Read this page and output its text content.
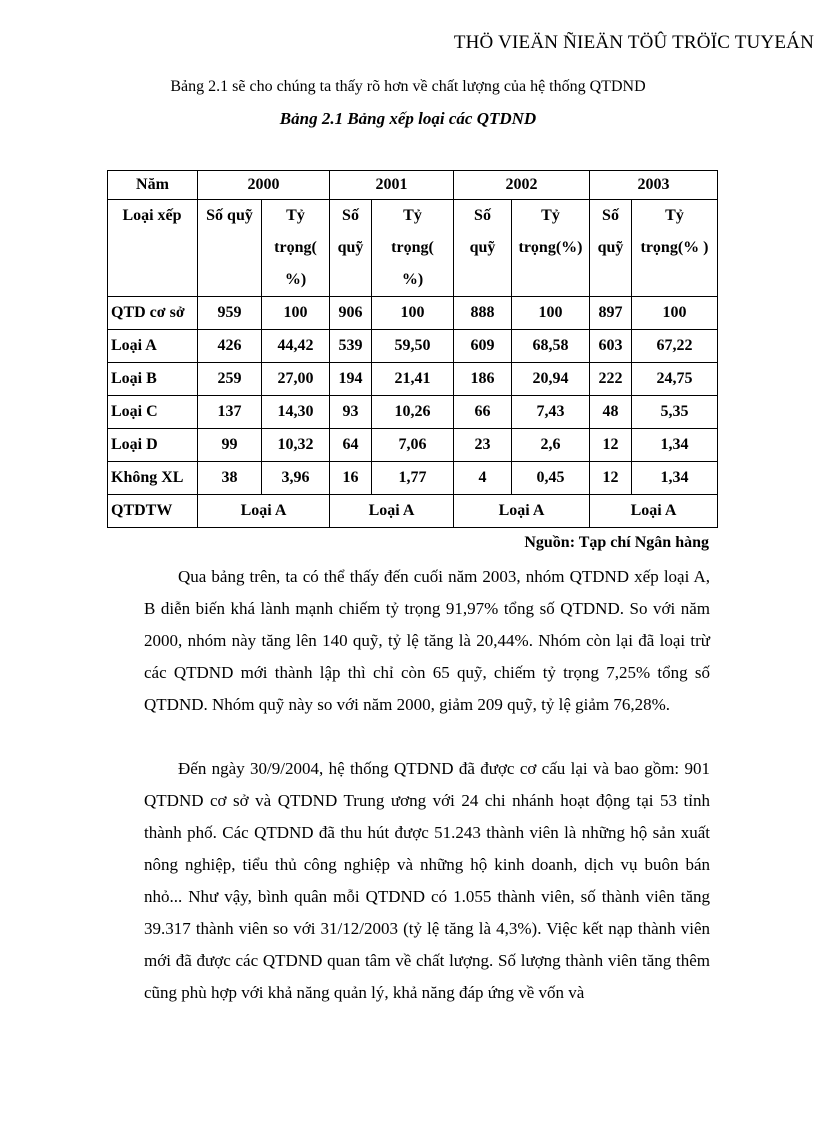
THÖ VIEÄN ÑIEÄN TÖÛ TRÖÏC TUYEÁN
Bảng 2.1 sẽ cho chúng ta thấy rõ hơn về chất lượng của hệ thống QTDND
Bảng 2.1 Bảng xếp loại các QTDND
Năm	2000		2001		2002		2003	
Loại xếp	Số quỹ	Tỷ trọng( %)	Số quỹ	Tỷ trọng( %)	Số quỹ	Tỷ trọng(%)	Số quỹ	Tỷ trọng(% )
QTD cơ sở	959	100	906	100	888	100	897	100
Loại A	426	44,42	539	59,50	609	68,58	603	67,22
Loại B	259	27,00	194	21,41	186	20,94	222	24,75
Loại C	137	14,30	93	10,26	66	7,43	48	5,35
Loại D	99	10,32	64	7,06	23	2,6	12	1,34
Không XL	38	3,96	16	1,77	4	0,45	12	1,34
QTDTW	Loại A		Loại A		Loại A		Loại A	
Nguồn: Tạp chí Ngân hàng
Qua bảng trên, ta có thể thấy đến cuối năm 2003, nhóm QTDND xếp loại A, B diễn biến khá lành mạnh chiếm tỷ trọng 91,97% tổng số QTDND. So với năm 2000, nhóm này tăng lên 140 quỹ, tỷ lệ tăng là 20,44%. Nhóm còn lại đã loại trừ các QTDND mới thành lập thì chỉ còn 65 quỹ, chiếm tỷ trọng 7,25% tổng số QTDND. Nhóm quỹ này so với năm 2000, giảm 209 quỹ, tỷ lệ giảm 76,28%.
Đến ngày 30/9/2004, hệ thống QTDND đã được cơ cấu lại và bao gồm: 901 QTDND cơ sở và QTDND Trung ương với 24 chi nhánh hoạt động tại 53 tỉnh thành phố. Các QTDND đã thu hút được 51.243 thành viên là những hộ sản xuất nông nghiệp, tiểu thủ công nghiệp và những hộ kinh doanh, dịch vụ buôn bán nhỏ... Như vậy, bình quân mỗi QTDND có 1.055 thành viên, số thành viên tăng 39.317 thành viên so với 31/12/2003 (tỷ lệ tăng là 4,3%). Việc kết nạp thành viên mới đã được các QTDND quan tâm về chất lượng. Số lượng thành viên tăng thêm cũng phù hợp với khả năng quản lý, khả năng đáp ứng về vốn và
